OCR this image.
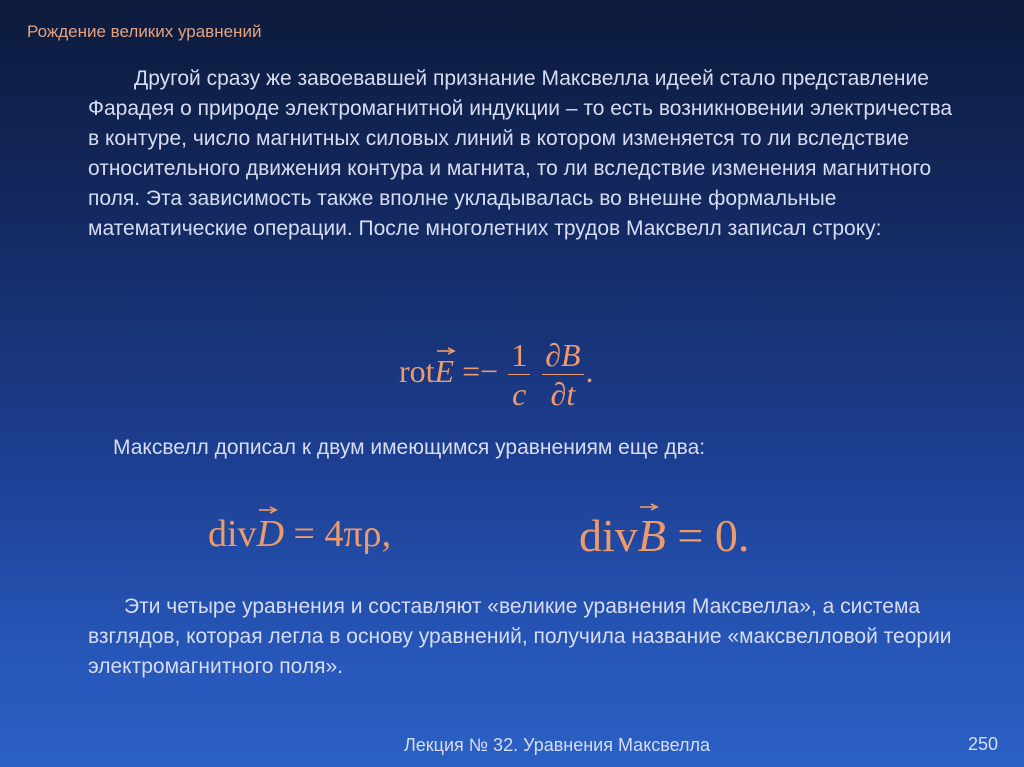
Рождение великих уравнений

Другой сразу же завоевавшей признание Максвелла идеей стало представление Фарадея о природе электромагнитной индукции – то есть возникновении электричества в контуре, число магнитных силовых линий в котором изменяется то ли вследствие относительного движения контура и магнита, то ли вследствие изменения магнитного поля. Эта зависимость также вполне укладывалась во внешне формальные математические операции. После многолетних трудов Максвелл записал строку:

rotE =− $\frac{1}{c}$
$\frac{\partial B}{\partial t}$ .
Максвелл дописал к двум имеющимся уравнениям еще два:
divD = 4πρ,	divB = 0.

Эти четыре уравнения и составляют «великие уравнения Максвелла», а система взглядов, которая легла в основу уравнений, получила название «максвелловой теории электромагнитного поля».

Лекция № 32. Уравнения Максвелла	250
